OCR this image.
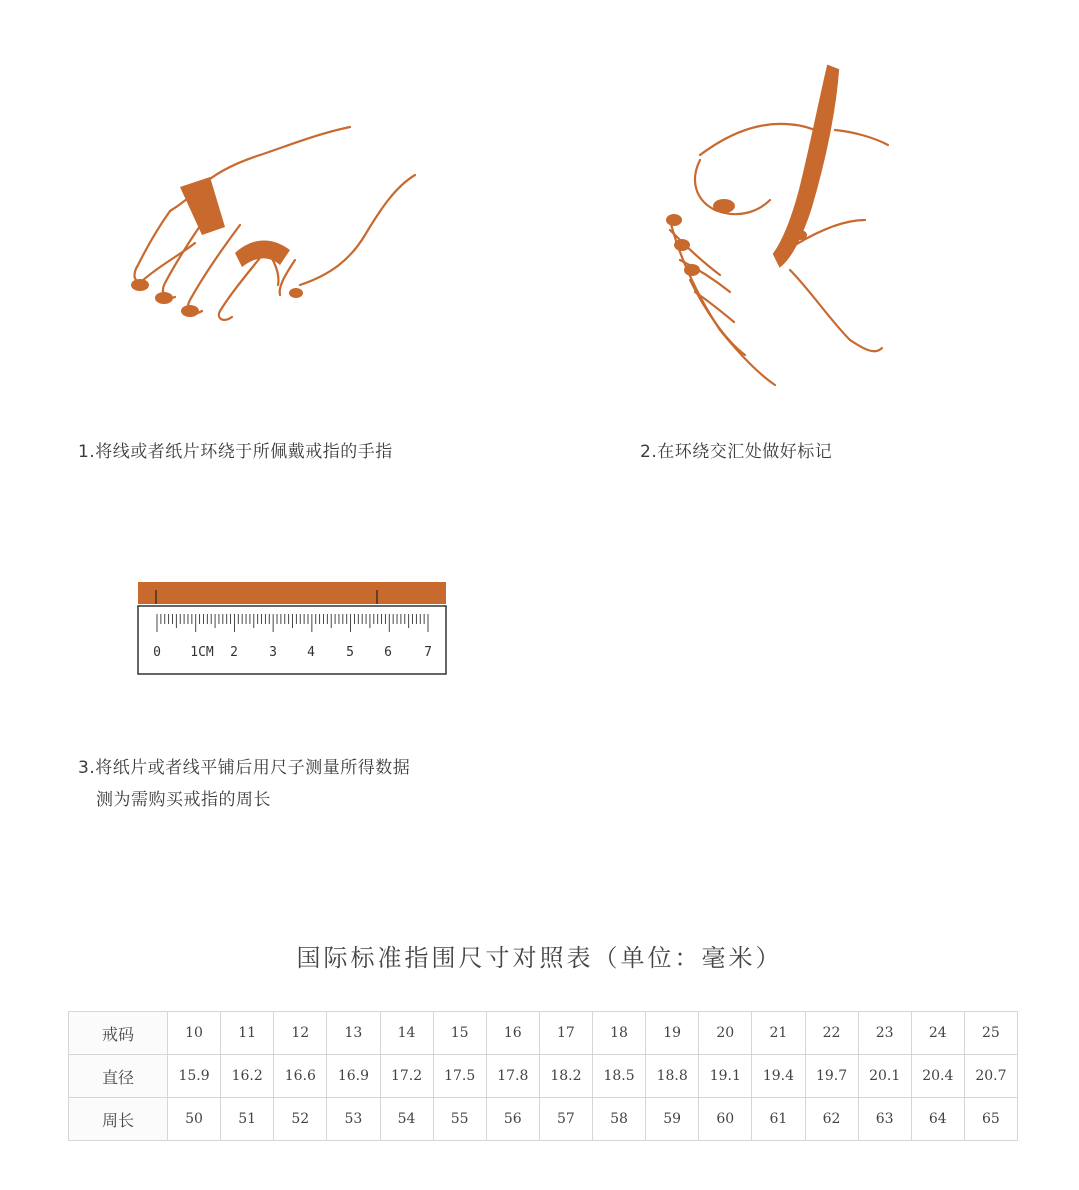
1.将线或者纸片环绕于所佩戴戒指的手指	2.在环绕交汇处做好标记
0 1CM 2 3 4 5 6 7
3.将纸片或者线平铺后用尺子测量所得数据
测为需购买戒指的周长
国际标准指围尺寸对照表（单位：毫米）
戒码	10	11	12	13	14	15	16	17	18	19	20	21	22	23	24	25
直径	15.9	16.2	16.6	16.9	17.2	17.5	17.8	18.2	18.5	18.8	19.1	19.4	19.7	20.1	20.4	20.7
周长	50	51	52	53	54	55	56	57	58	59	60	61	62	63	64	65
